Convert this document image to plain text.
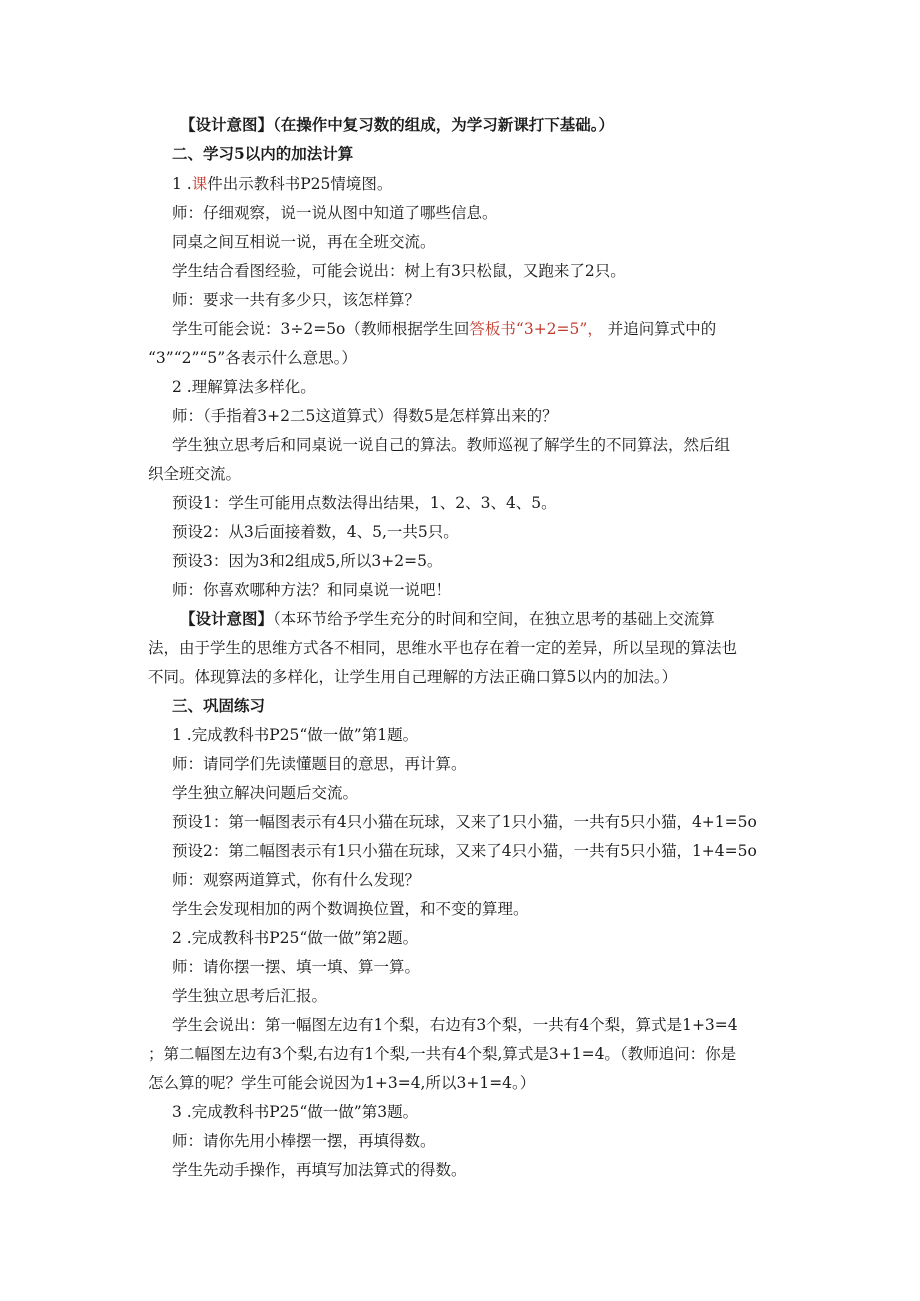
【设计意图】（在操作中复习数的组成，为学习新课打下基础。）
二、学习5以内的加法计算
1 .课件出示教科书P25情境图。
师：仔细观察，说一说从图中知道了哪些信息。
同桌之间互相说一说，再在全班交流。
学生结合看图经验，可能会说出：树上有3只松鼠，又跑来了2只。
师：要求一共有多少只，该怎样算？
学生可能会说：3÷2=5o（教师根据学生回答板书“3+2=5”， 并追问算式中的
“3”“2”“5”各表示什么意思。）
2 .理解算法多样化。
师：（手指着3+2二5这道算式）得数5是怎样算出来的？
学生独立思考后和同桌说一说自己的算法。教师巡视了解学生的不同算法，然后组
织全班交流。
预设1：学生可能用点数法得出结果，1、2、3、4、5。
预设2：从3后面接着数，4、5,一共5只。
预设3：因为3和2组成5,所以3+2=5。
师：你喜欢哪种方法？和同桌说一说吧！
【设计意图】（本环节给予学生充分的时间和空间，在独立思考的基础上交流算
法，由于学生的思维方式各不相同，思维水平也存在着一定的差异，所以呈现的算法也
不同。体现算法的多样化，让学生用自己理解的方法正确口算5以内的加法。）
三、巩固练习
1 .完成教科书P25“做一做”第1题。
师：请同学们先读懂题目的意思，再计算。
学生独立解决问题后交流。
预设1：第一幅图表示有4只小猫在玩球，又来了1只小猫，一共有5只小猫，4+1=5o
预设2：第二幅图表示有1只小猫在玩球，又来了4只小猫，一共有5只小猫，1+4=5o
师：观察两道算式，你有什么发现？
学生会发现相加的两个数调换位置，和不变的算理。
2 .完成教科书P25“做一做”第2题。
师：请你摆一摆、填一填、算一算。
学生独立思考后汇报。
学生会说出：第一幅图左边有1个梨，右边有3个梨，一共有4个梨，算式是1+3=4
；第二幅图左边有3个梨,右边有1个梨,一共有4个梨,算式是3+1=4。（教师追问：你是
怎么算的呢？学生可能会说因为1+3=4,所以3+1=4。）
3 .完成教科书P25“做一做”第3题。
师：请你先用小棒摆一摆，再填得数。
学生先动手操作，再填写加法算式的得数。
